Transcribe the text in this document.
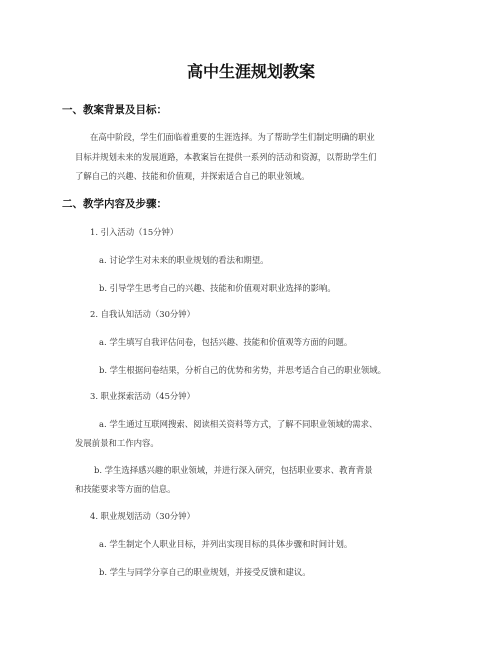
高中生涯规划教案
一、教案背景及目标：

在高中阶段，学生们面临着重要的生涯选择。为了帮助学生们制定明确的职业

目标并规划未来的发展道路，本教案旨在提供一系列的活动和资源，以帮助学生们

了解自己的兴趣、技能和价值观，并探索适合自己的职业领域。

二、教学内容及步骤：

1. 引入活动（15分钟）

a. 讨论学生对未来的职业规划的看法和期望。

b. 引导学生思考自己的兴趣、技能和价值观对职业选择的影响。

2. 自我认知活动（30分钟）

a. 学生填写自我评估问卷，包括兴趣、技能和价值观等方面的问题。

b. 学生根据问卷结果，分析自己的优势和劣势，并思考适合自己的职业领域。

3. 职业探索活动（45分钟）

a. 学生通过互联网搜索、阅读相关资料等方式，了解不同职业领域的需求、

发展前景和工作内容。

b. 学生选择感兴趣的职业领域，并进行深入研究，包括职业要求、教育背景

和技能要求等方面的信息。

4. 职业规划活动（30分钟）

a. 学生制定个人职业目标，并列出实现目标的具体步骤和时间计划。

b. 学生与同学分享自己的职业规划，并接受反馈和建议。
